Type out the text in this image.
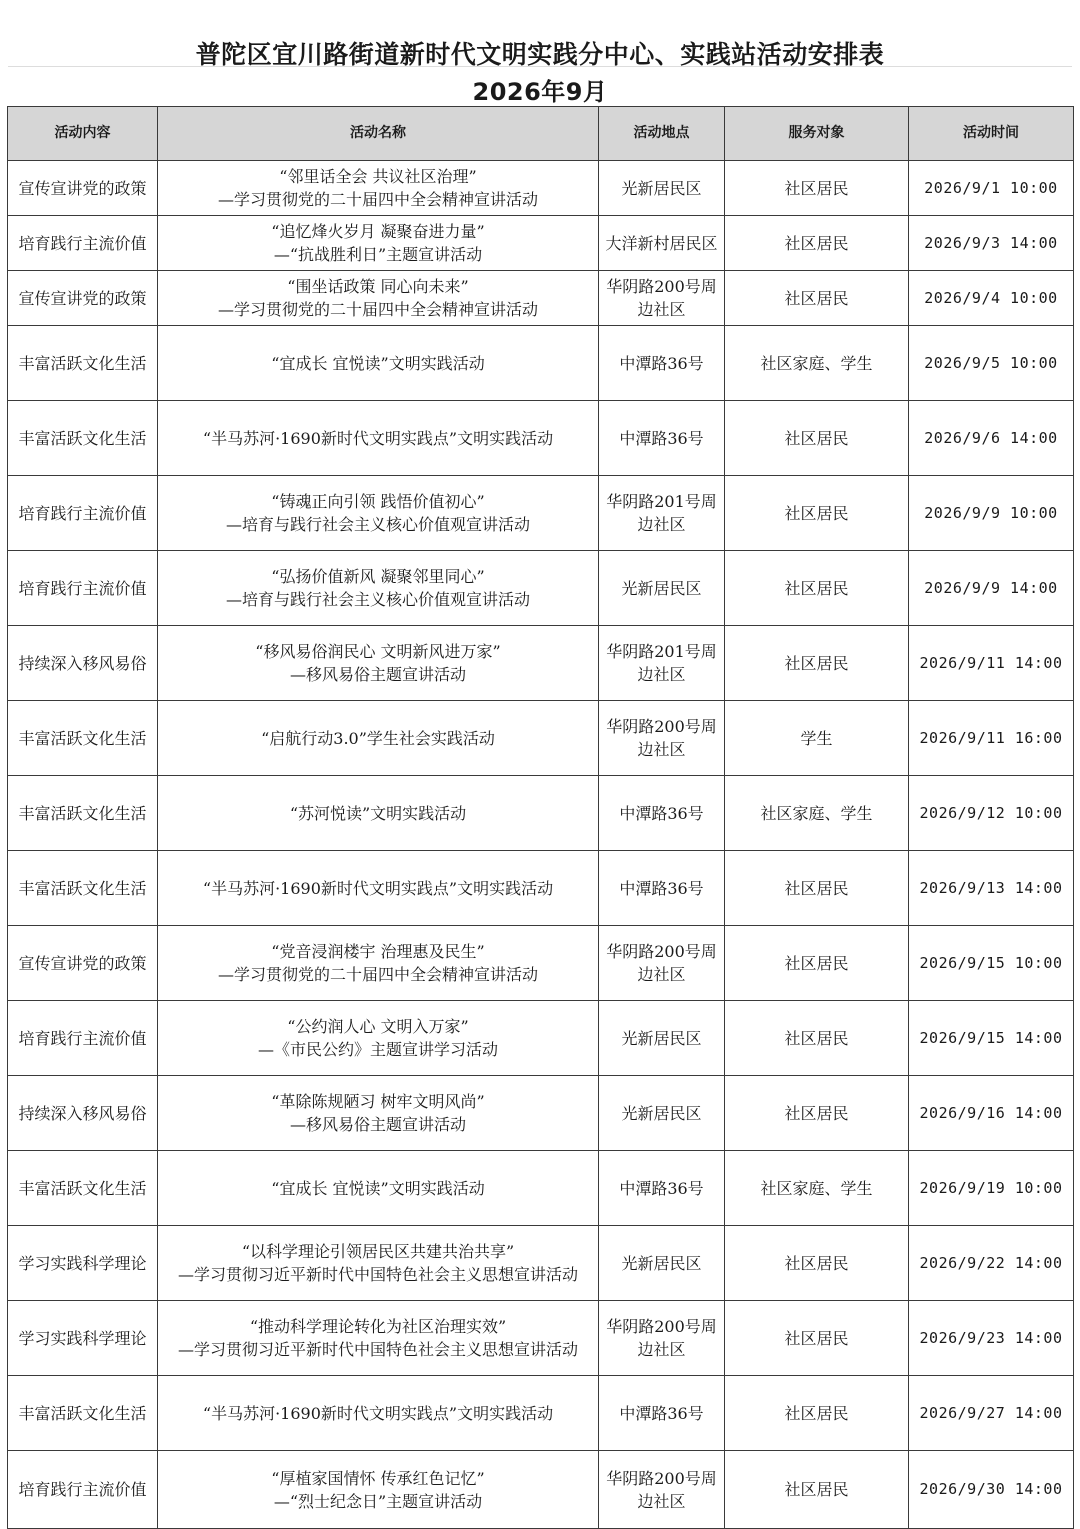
普陀区宜川路街道新时代文明实践分中心、实践站活动安排表
2026年9月
活动内容	活动名称	活动地点	服务对象	活动时间
宣传宣讲党的政策	“邻里话全会 共议社区治理”
—学习贯彻党的二十届四中全会精神宣讲活动	光新居民区	社区居民	2026/9/1 10:00
培育践行主流价值	“追忆烽火岁月 凝聚奋进力量”
—“抗战胜利日”主题宣讲活动	大洋新村居民区	社区居民	2026/9/3 14:00
宣传宣讲党的政策	“围坐话政策 同心向未来”
—学习贯彻党的二十届四中全会精神宣讲活动	华阴路200号周边社区	社区居民	2026/9/4 10:00
丰富活跃文化生活	“宜成长 宜悦读”文明实践活动	中潭路36号	社区家庭、学生	2026/9/5 10:00
丰富活跃文化生活	“半马苏河·1690新时代文明实践点”文明实践活动	中潭路36号	社区居民	2026/9/6 14:00
培育践行主流价值	“铸魂正向引领 践悟价值初心”
—培育与践行社会主义核心价值观宣讲活动	华阴路201号周边社区	社区居民	2026/9/9 10:00
培育践行主流价值	“弘扬价值新风 凝聚邻里同心”
—培育与践行社会主义核心价值观宣讲活动	光新居民区	社区居民	2026/9/9 14:00
持续深入移风易俗	“移风易俗润民心 文明新风进万家”
—移风易俗主题宣讲活动	华阴路201号周边社区	社区居民	2026/9/11 14:00
丰富活跃文化生活	“启航行动3.0”学生社会实践活动	华阴路200号周边社区	学生	2026/9/11 16:00
丰富活跃文化生活	“苏河悦读”文明实践活动	中潭路36号	社区家庭、学生	2026/9/12 10:00
丰富活跃文化生活	“半马苏河·1690新时代文明实践点”文明实践活动	中潭路36号	社区居民	2026/9/13 14:00
宣传宣讲党的政策	“党音浸润楼宇 治理惠及民生”
—学习贯彻党的二十届四中全会精神宣讲活动	华阴路200号周边社区	社区居民	2026/9/15 10:00
培育践行主流价值	“公约润人心 文明入万家”
—《市民公约》主题宣讲学习活动	光新居民区	社区居民	2026/9/15 14:00
持续深入移风易俗	“革除陈规陋习 树牢文明风尚”
—移风易俗主题宣讲活动	光新居民区	社区居民	2026/9/16 14:00
丰富活跃文化生活	“宜成长 宜悦读”文明实践活动	中潭路36号	社区家庭、学生	2026/9/19 10:00
学习实践科学理论	“以科学理论引领居民区共建共治共享”
—学习贯彻习近平新时代中国特色社会主义思想宣讲活动	光新居民区	社区居民	2026/9/22 14:00
学习实践科学理论	“推动科学理论转化为社区治理实效”
—学习贯彻习近平新时代中国特色社会主义思想宣讲活动	华阴路200号周边社区	社区居民	2026/9/23 14:00
丰富活跃文化生活	“半马苏河·1690新时代文明实践点”文明实践活动	中潭路36号	社区居民	2026/9/27 14:00
培育践行主流价值	“厚植家国情怀 传承红色记忆”
—“烈士纪念日”主题宣讲活动	华阴路200号周边社区	社区居民	2026/9/30 14:00
